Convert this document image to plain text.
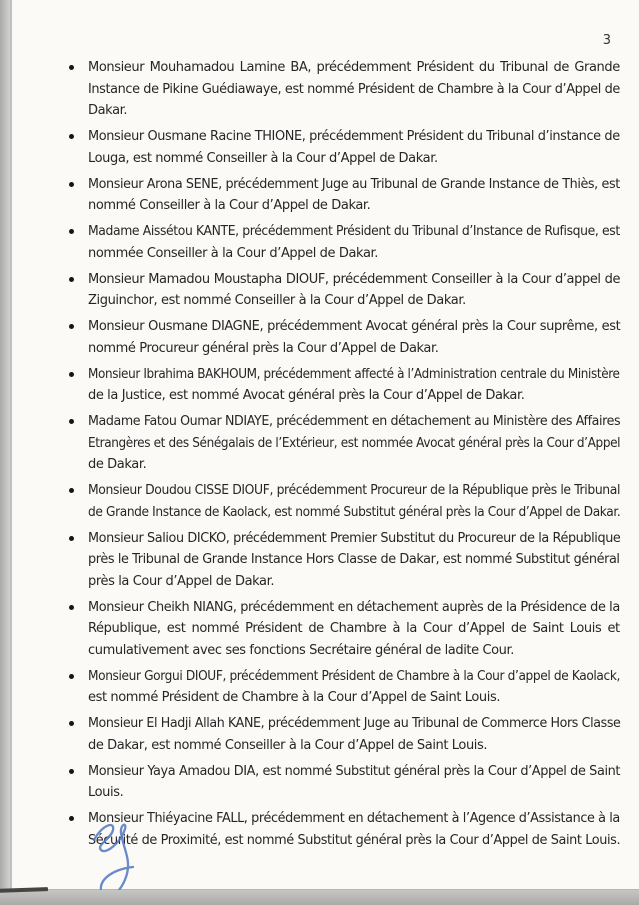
3
Monsieur Mouhamadou Lamine BA, précédemment Président du Tribunal de Grande
Instance de Pikine Guédiawaye, est nommé Président de Chambre à la Cour d’Appel de
Dakar.
Monsieur Ousmane Racine THIONE, précédemment Président du Tribunal d’instance de
Louga, est nommé Conseiller à la Cour d’Appel de Dakar.
Monsieur Arona SENE, précédemment Juge au Tribunal de Grande Instance de Thiès, est
nommé Conseiller à la Cour d’Appel de Dakar.
Madame Aissétou KANTE, précédemment Président du Tribunal d’Instance de Rufisque, est
nommée Conseiller à la Cour d’Appel de Dakar.
Monsieur Mamadou Moustapha DIOUF, précédemment Conseiller à la Cour d’appel de
Ziguinchor, est nommé Conseiller à la Cour d’Appel de Dakar.
Monsieur Ousmane DIAGNE, précédemment Avocat général près la Cour suprême, est
nommé Procureur général près la Cour d’Appel de Dakar.
Monsieur Ibrahima BAKHOUM, précédemment affecté à l’Administration centrale du Ministère
de la Justice, est nommé Avocat général près la Cour d’Appel de Dakar.
Madame Fatou Oumar NDIAYE, précédemment en détachement au Ministère des Affaires
Etrangères et des Sénégalais de l’Extérieur, est nommée Avocat général près la Cour d’Appel
de Dakar.
Monsieur Doudou CISSE DIOUF, précédemment Procureur de la République près le Tribunal
de Grande Instance de Kaolack, est nommé Substitut général près la Cour d’Appel de Dakar.
Monsieur Saliou DICKO, précédemment Premier Substitut du Procureur de la République
près le Tribunal de Grande Instance Hors Classe de Dakar, est nommé Substitut général
près la Cour d’Appel de Dakar.
Monsieur Cheikh NIANG, précédemment en détachement auprès de la Présidence de la
République, est nommé Président de Chambre à la Cour d’Appel de Saint Louis et
cumulativement avec ses fonctions Secrétaire général de ladite Cour.
Monsieur Gorgui DIOUF, précédemment Président de Chambre à la Cour d’appel de Kaolack,
est nommé Président de Chambre à la Cour d’Appel de Saint Louis.
Monsieur El Hadji Allah KANE, précédemment Juge au Tribunal de Commerce Hors Classe
de Dakar, est nommé Conseiller à la Cour d’Appel de Saint Louis.
Monsieur Yaya Amadou DIA, est nommé Substitut général près la Cour d’Appel de Saint
Louis.
Monsieur Thiéyacine FALL, précédemment en détachement à l’Agence d’Assistance à la
Sécurité de Proximité, est nommé Substitut général près la Cour d’Appel de Saint Louis.
